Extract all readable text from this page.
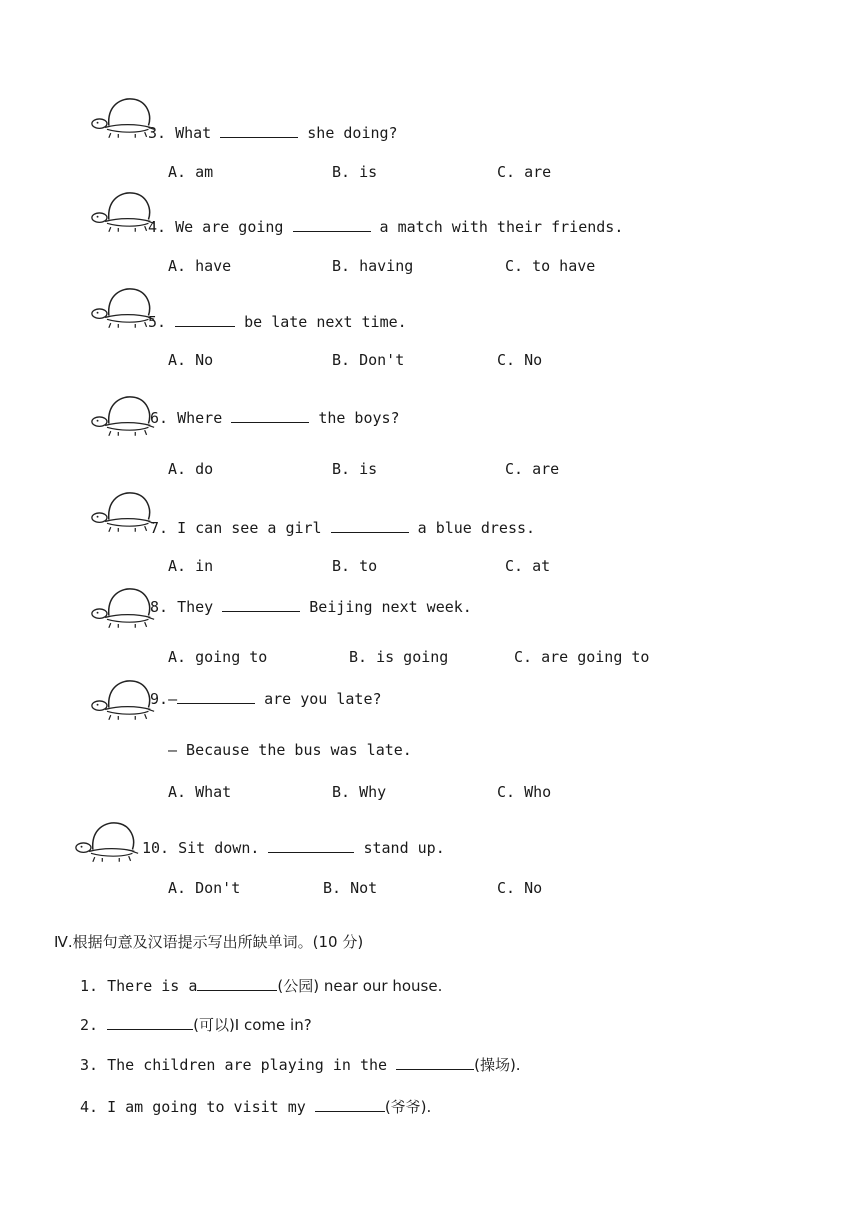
3. What	she doing?
A. am	B. is	C. are
4. We are going	a match with their friends.
A. have	B. having	C. to have
5.	be late next time.
A. No	B. Don't	C. No
6. Where	the boys?
A. do	B. is	C. are
7. I can see a girl	a blue dress.
A. in	B. to	C. at
8. They	Beijing next week.
A. going to	B. is going	C. are going to
9.—	are you late?
— Because the bus was late.
A. What	B. Why	C. Who
10. Sit down.	stand up.
A. Don't	B. Not	C. No
Ⅳ.根据句意及汉语提示写出所缺单词。(10 分)
1. There is a	(公园) near our house.
2.	(可以)I come in?
3. The children are playing in the	(操场).
4. I am going to visit my	(爷爷).
